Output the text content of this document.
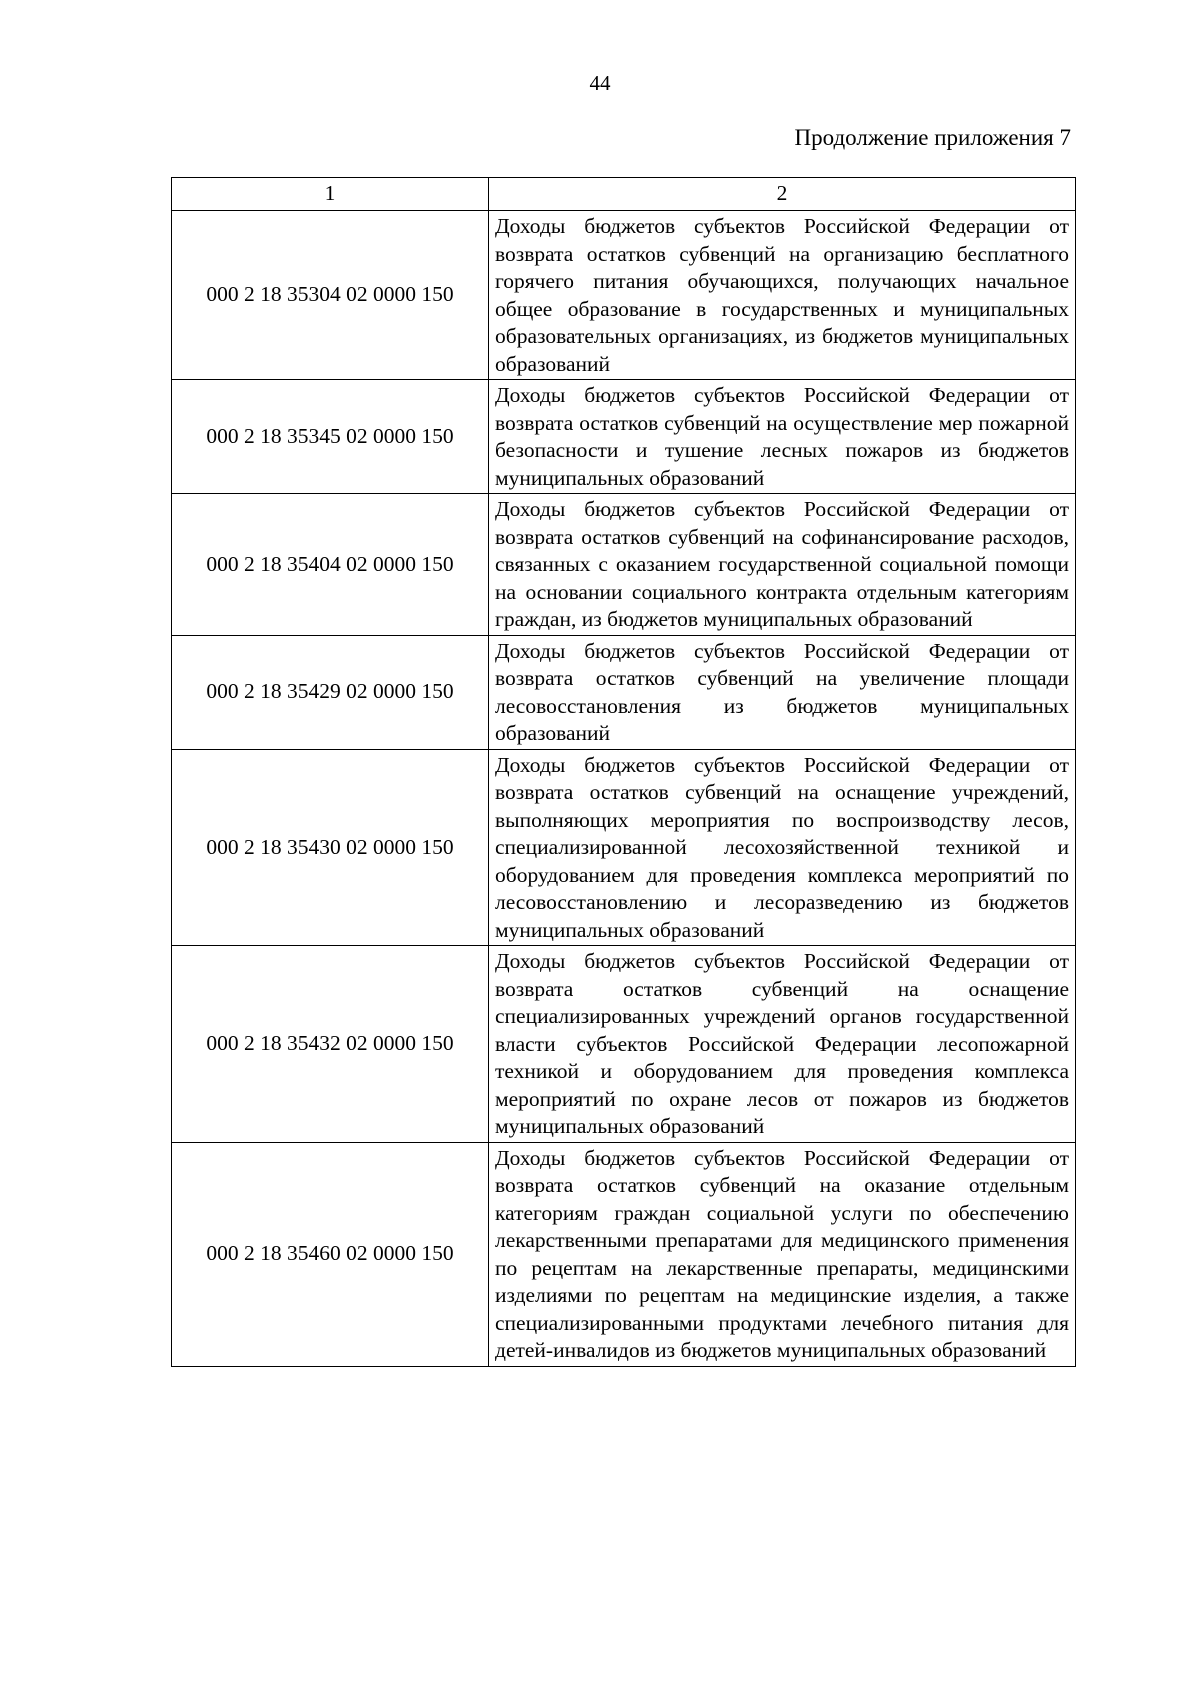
44
Продолжение приложения 7
1	2
000 2 18 35304 02 0000 150	Доходы бюджетов субъектов Российской Федерации от возврата остатков субвенций на организацию бесплатного горячего питания обучающихся, получающих начальное общее образование в государственных и муниципальных образовательных организациях, из бюджетов муниципальных образований
000 2 18 35345 02 0000 150	Доходы бюджетов субъектов Российской Федерации от возврата остатков субвенций на осуществление мер пожарной безопасности и тушение лесных пожаров из бюджетов муниципальных образований
000 2 18 35404 02 0000 150	Доходы бюджетов субъектов Российской Федерации от возврата остатков субвенций на софинансирование расходов, связанных с оказанием государственной социальной помощи на основании социального контракта отдельным категориям граждан, из бюджетов муниципальных образований
000 2 18 35429 02 0000 150	Доходы бюджетов субъектов Российской Федерации от возврата остатков субвенций на увеличение площади лесовосстановления из бюджетов муниципальных образований
000 2 18 35430 02 0000 150	Доходы бюджетов субъектов Российской Федерации от возврата остатков субвенций на оснащение учреждений, выполняющих мероприятия по воспроизводству лесов, специализированной лесохозяйственной техникой и оборудованием для проведения комплекса мероприятий по лесовосстановлению и лесоразведению из бюджетов муниципальных образований
000 2 18 35432 02 0000 150	Доходы бюджетов субъектов Российской Федерации от возврата остатков субвенций на оснащение специализированных учреждений органов государственной власти субъектов Российской Федерации лесопожарной техникой и оборудованием для проведения комплекса мероприятий по охране лесов от пожаров из бюджетов муниципальных образований
000 2 18 35460 02 0000 150	Доходы бюджетов субъектов Российской Федерации от возврата остатков субвенций на оказание отдельным категориям граждан социальной услуги по обеспечению лекарственными препаратами для медицинского применения по рецептам на лекарственные препараты, медицинскими изделиями по рецептам на медицинские изделия, а также специализированными продуктами лечебного питания для детей-инвалидов из бюджетов муниципальных образований
